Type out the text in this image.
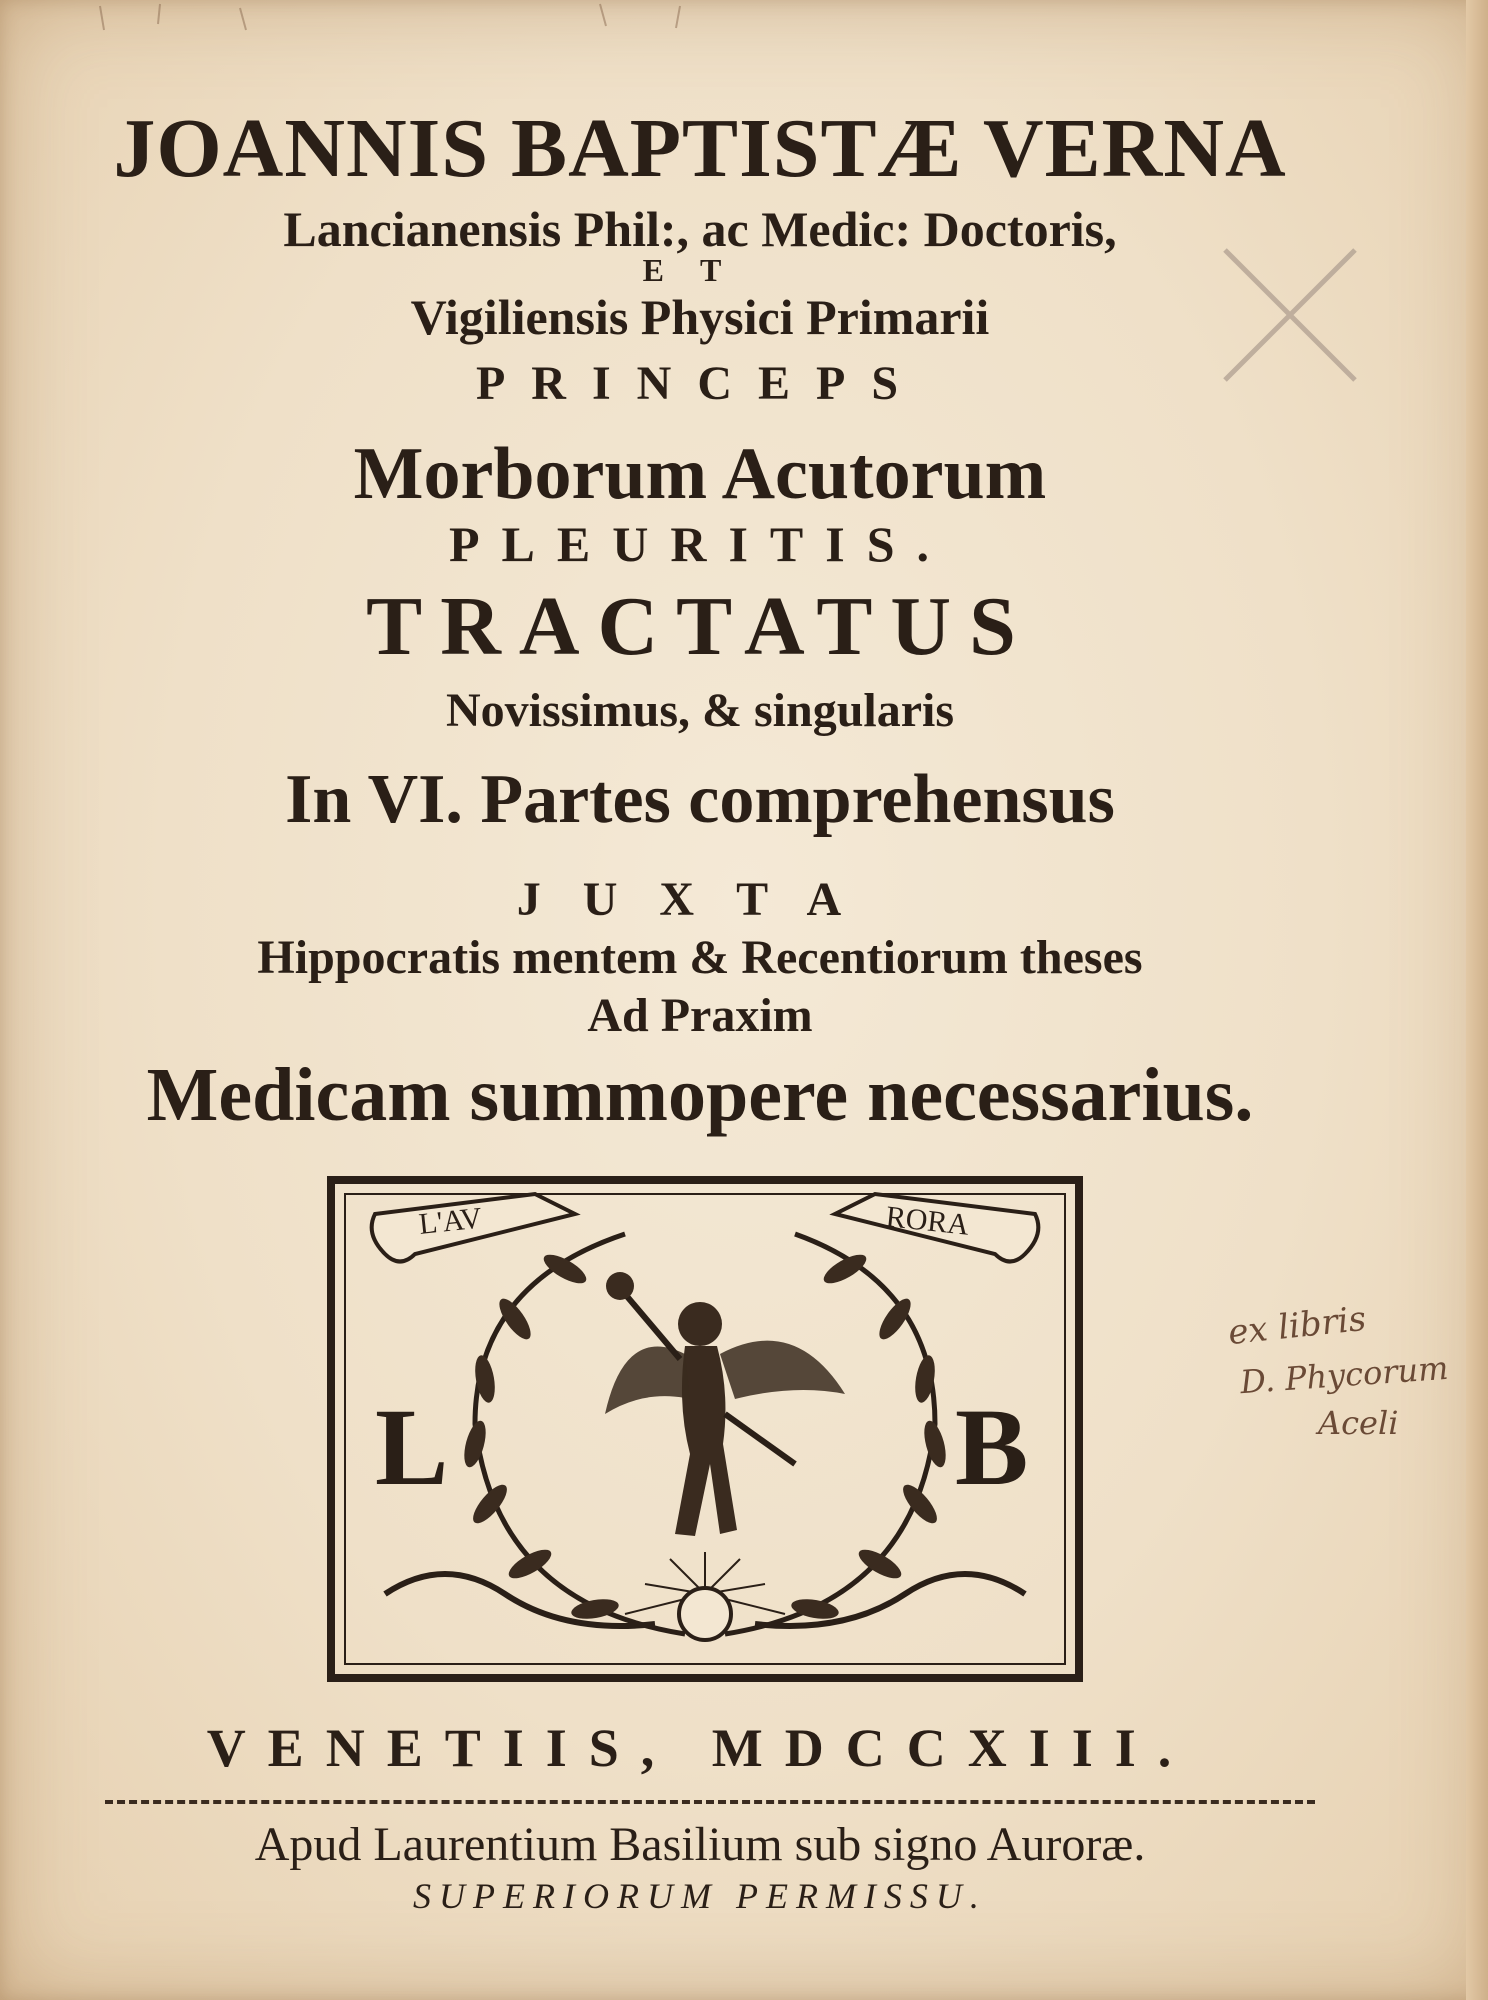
JOANNIS BAPTISTÆ VERNA
Lancianensis Phil:, ac Medic: Doctoris,
ET
Vigiliensis Physici Primarii
PRINCEPS
Morborum Acutorum
PLEURITIS.
TRACTATUS
Novissimus, & singularis
In VI. Partes comprehensus
JUXTA
Hippocratis mentem & Recentiorum theses
Ad Praxim
Medicam summopere necessarius.
L'AV	RORA
L	B
ex libris
D. Phycorum
Aceli
VENETIIS, MDCCXIII.
Apud Laurentium Basilium sub signo Auroræ.
SUPERIORUM PERMISSU.
